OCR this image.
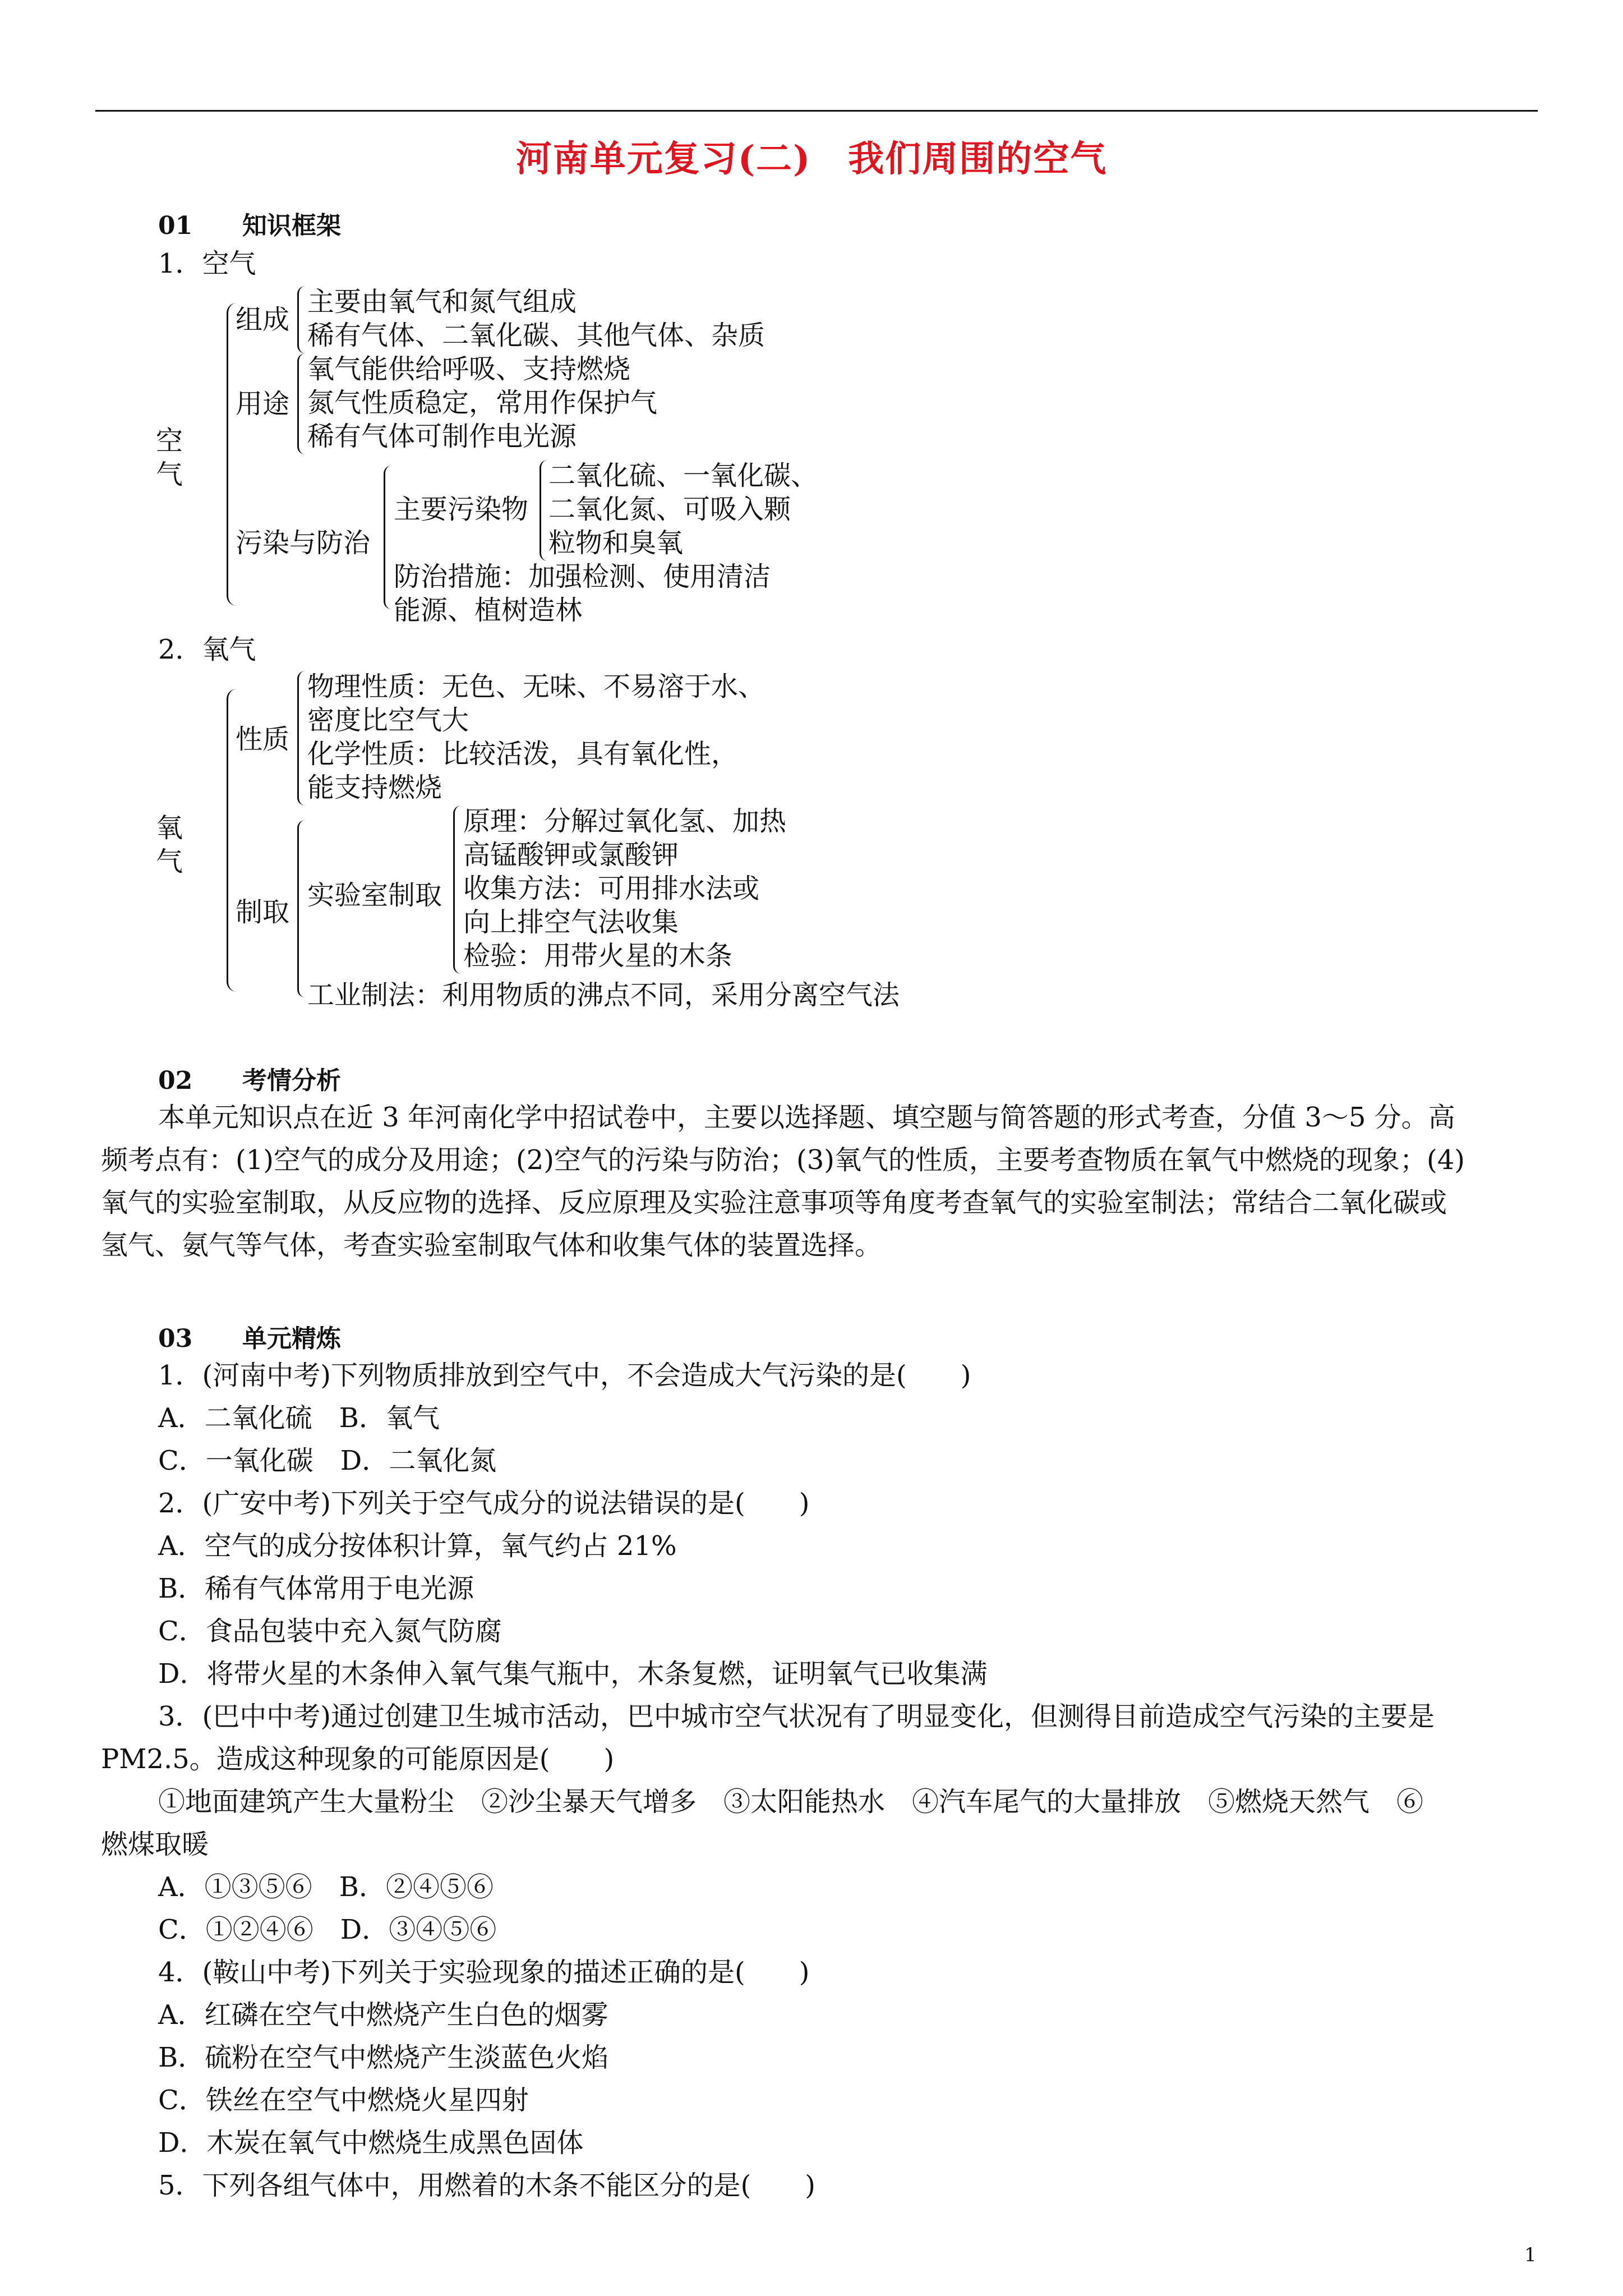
河南单元复习(二)　我们周围的空气
01 知识框架
1．空气
空
气
组成
主要由氧气和氮气组成
稀有气体、二氧化碳、其他气体、杂质
用途
氧气能供给呼吸、支持燃烧
氮气性质稳定，常用作保护气
稀有气体可制作电光源
污染与防治
主要污染物
二氧化硫、一氧化碳、
二氧化氮、可吸入颗
粒物和臭氧
防治措施：加强检测、使用清洁
能源、植树造林
2．氧气
氧
气
性质
物理性质：无色、无味、不易溶于水、
密度比空气大
化学性质：比较活泼，具有氧化性，
能支持燃烧
制取
实验室制取
原理：分解过氧化氢、加热
高锰酸钾或氯酸钾
收集方法：可用排水法或
向上排空气法收集
检验：用带火星的木条
工业制法：利用物质的沸点不同，采用分离空气法
02 考情分析
本单元知识点在近 3 年河南化学中招试卷中，主要以选择题、填空题与简答题的形式考查，分值 3～5 分。高
频考点有：(1)空气的成分及用途；(2)空气的污染与防治；(3)氧气的性质，主要考查物质在氧气中燃烧的现象；(4)
氧气的实验室制取，从反应物的选择、反应原理及实验注意事项等角度考查氧气的实验室制法；常结合二氧化碳或
氢气、氨气等气体，考查实验室制取气体和收集气体的装置选择。
03 单元精炼
1．(河南中考)下列物质排放到空气中，不会造成大气污染的是(　　)
A．二氧化硫　B．氧气
C．一氧化碳　D．二氧化氮
2．(广安中考)下列关于空气成分的说法错误的是(　　)
A．空气的成分按体积计算，氧气约占 21%
B．稀有气体常用于电光源
C．食品包装中充入氮气防腐
D．将带火星的木条伸入氧气集气瓶中，木条复燃，证明氧气已收集满
3．(巴中中考)通过创建卫生城市活动，巴中城市空气状况有了明显变化，但测得目前造成空气污染的主要是
PM2.5。造成这种现象的可能原因是(　　)
①地面建筑产生大量粉尘　②沙尘暴天气增多　③太阳能热水　④汽车尾气的大量排放　⑤燃烧天然气　⑥
燃煤取暖
A．①③⑤⑥　B．②④⑤⑥
C．①②④⑥　D．③④⑤⑥
4．(鞍山中考)下列关于实验现象的描述正确的是(　　)
A．红磷在空气中燃烧产生白色的烟雾
B．硫粉在空气中燃烧产生淡蓝色火焰
C．铁丝在空气中燃烧火星四射
D．木炭在氧气中燃烧生成黑色固体
5．下列各组气体中，用燃着的木条不能区分的是(　　)
1
